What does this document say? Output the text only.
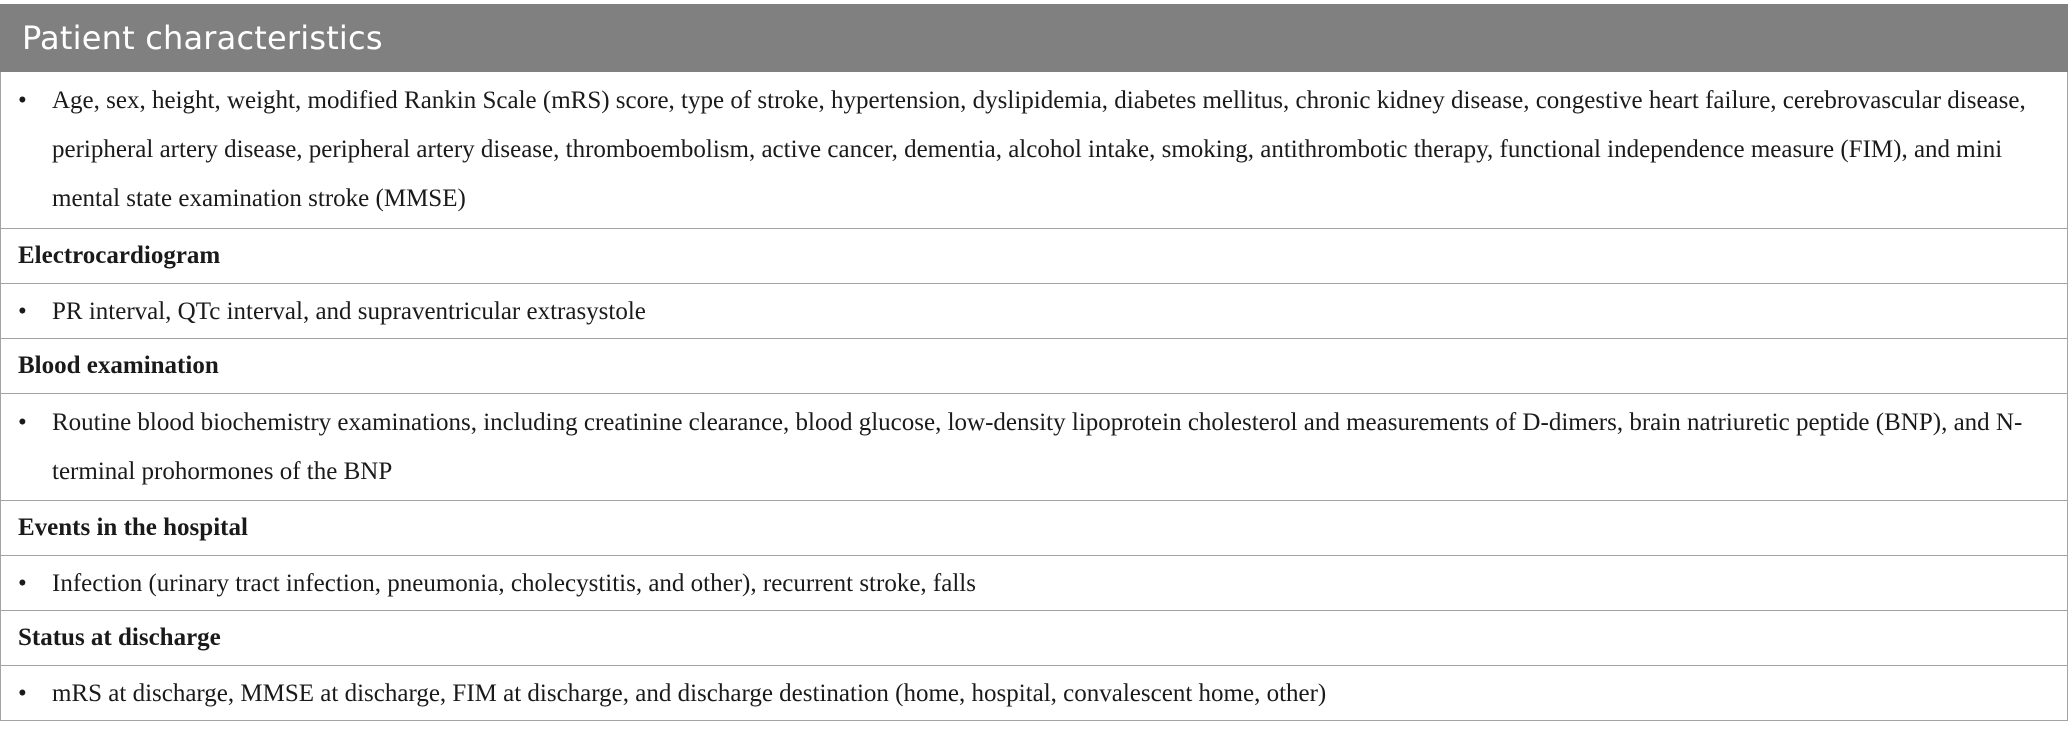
Patient characteristics
•	Age, sex, height, weight, modified Rankin Scale (mRS) score, type of stroke, hypertension, dyslipidemia, diabetes mellitus, chronic kidney disease, congestive heart failure, cerebrovascular disease, peripheral artery disease, peripheral artery disease, thromboembolism, active cancer, dementia, alcohol intake, smoking, antithrombotic therapy, functional independence measure (FIM), and mini mental state examination stroke (MMSE)
Electrocardiogram
•	PR interval, QTc interval, and supraventricular extrasystole
Blood examination
•	Routine blood biochemistry examinations, including creatinine clearance, blood glucose, low-density lipoprotein cholesterol and measurements of D-dimers, brain natriuretic peptide (BNP), and N-terminal prohormones of the BNP
Events in the hospital
•	Infection (urinary tract infection, pneumonia, cholecystitis, and other), recurrent stroke, falls
Status at discharge
•	mRS at discharge, MMSE at discharge, FIM at discharge, and discharge destination (home, hospital, convalescent home, other)
